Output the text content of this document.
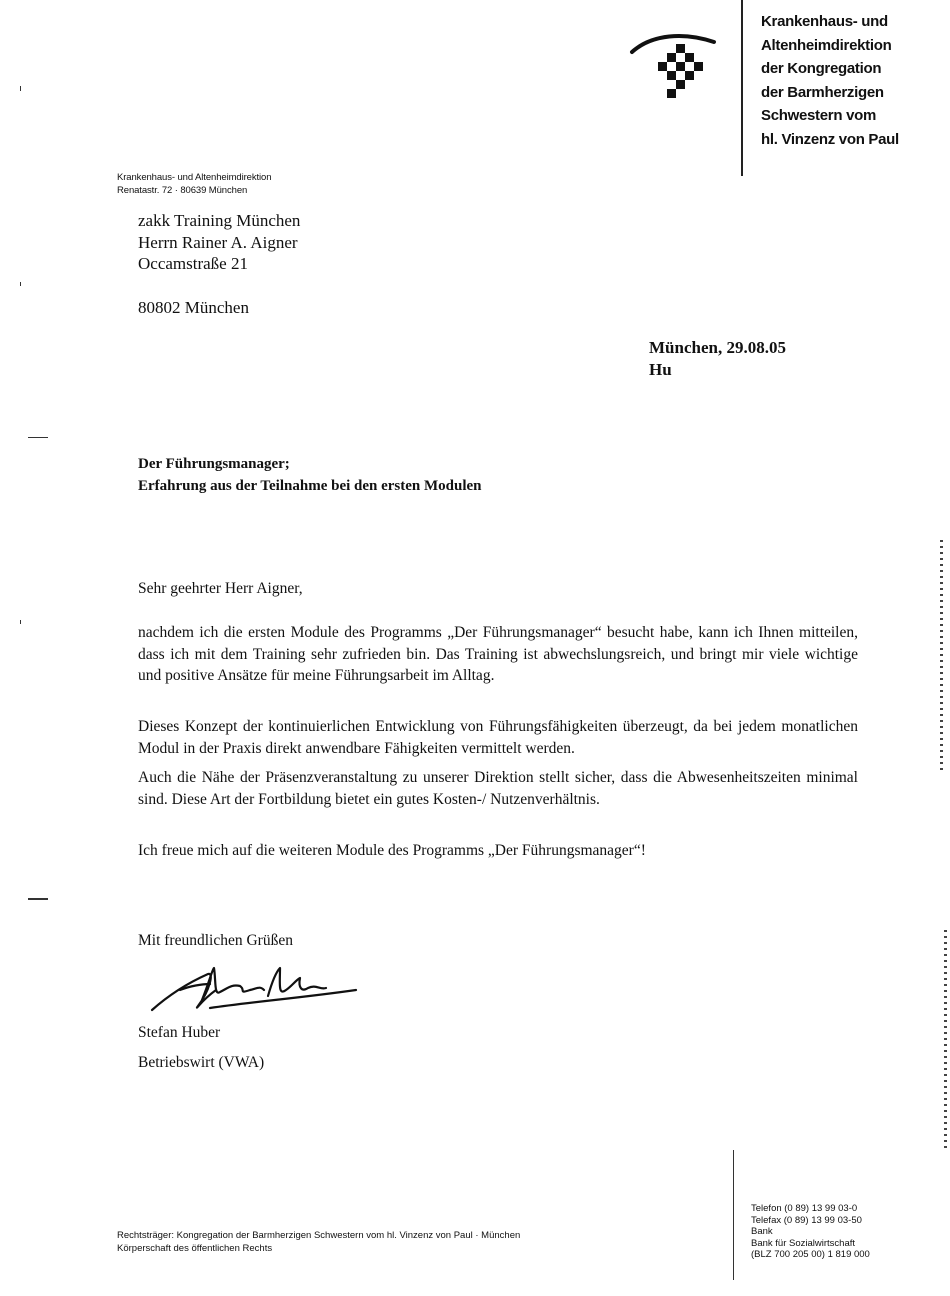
Krankenhaus- und
Altenheimdirektion
der Kongregation
der Barmherzigen
Schwestern vom
hl. Vinzenz von Paul
Krankenhaus- und Altenheimdirektion
Renatastr. 72 · 80639 München
zakk Training München
Herrn Rainer A. Aigner
Occamstraße 21
80802 München
München, 29.08.05
Hu
Der Führungsmanager;
Erfahrung aus der Teilnahme bei den ersten Modulen
Sehr geehrter Herr Aigner,
nachdem ich die ersten Module des Programms „Der Führungsmanager“ besucht habe, kann ich Ihnen mitteilen, dass ich mit dem Training sehr zufrieden bin. Das Training ist abwechslungsreich, und bringt mir viele wichtige und positive Ansätze für meine Führungsarbeit im Alltag.
Dieses Konzept der kontinuierlichen Entwicklung von Führungsfähigkeiten überzeugt, da bei jedem monatlichen Modul in der Praxis direkt anwendbare Fähigkeiten vermittelt werden.
Auch die Nähe der Präsenzveranstaltung zu unserer Direktion stellt sicher, dass die Abwesenheitszeiten minimal sind. Diese Art der Fortbildung bietet ein gutes Kosten-/ Nutzenverhältnis.
Ich freue mich auf die weiteren Module des Programms „Der Führungsmanager“!
Mit freundlichen Grüßen
Stefan Huber
Betriebswirt (VWA)
Rechtsträger: Kongregation der Barmherzigen Schwestern vom hl. Vinzenz von Paul · München
Körperschaft des öffentlichen Rechts
Telefon (0 89) 13 99 03-0
Telefax (0 89) 13 99 03-50
Bank
Bank für Sozialwirtschaft
(BLZ 700 205 00) 1 819 000
